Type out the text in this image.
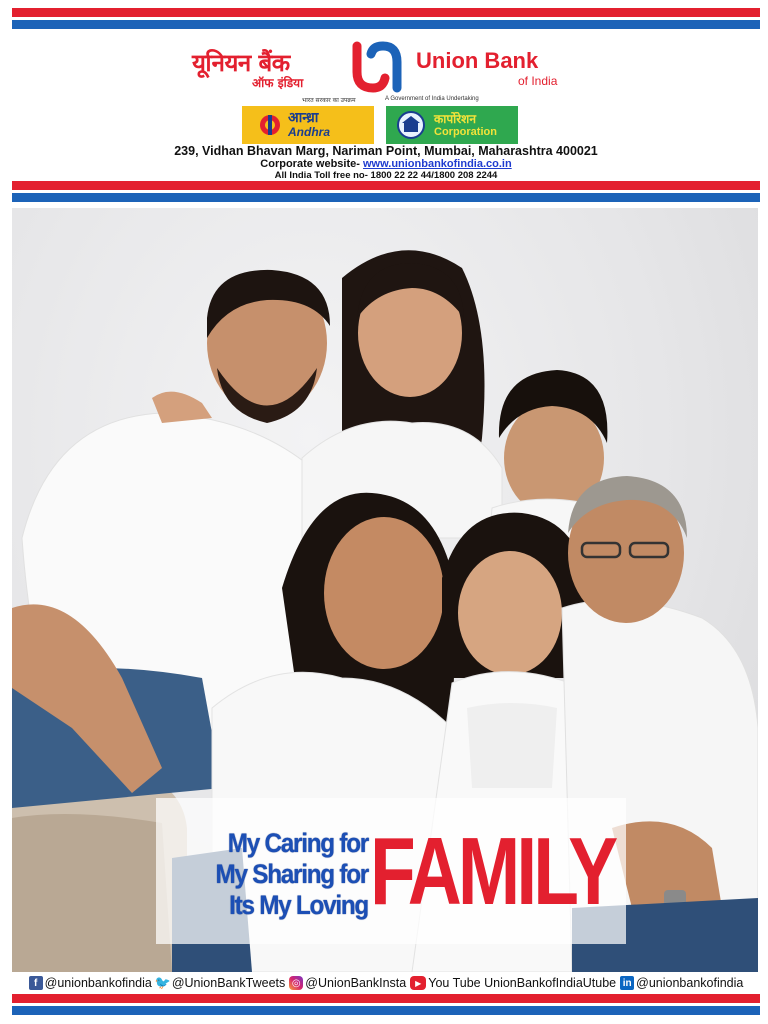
यूनियन बैंक
ऑफ इंडिया
Union Bank
of India
भारत सरकार का उपक्रम	A Government of India Undertaking
आन्ध्रा
Andhra
कार्पोरेशन
Corporation
239, Vidhan Bhavan Marg, Nariman Point, Mumbai, Maharashtra 400021
Corporate website- www.unionbankofindia.co.in
All India Toll free no- 1800 22 22 44/1800 208 2244
My Caring for
My Sharing for
Its My Loving FAMILY
f @unionbankofindia 🐦 @UnionBankTweets ◎ @UnionBankInsta	▶ You Tube UnionBankofIndiaUtube in @unionbankofindia
